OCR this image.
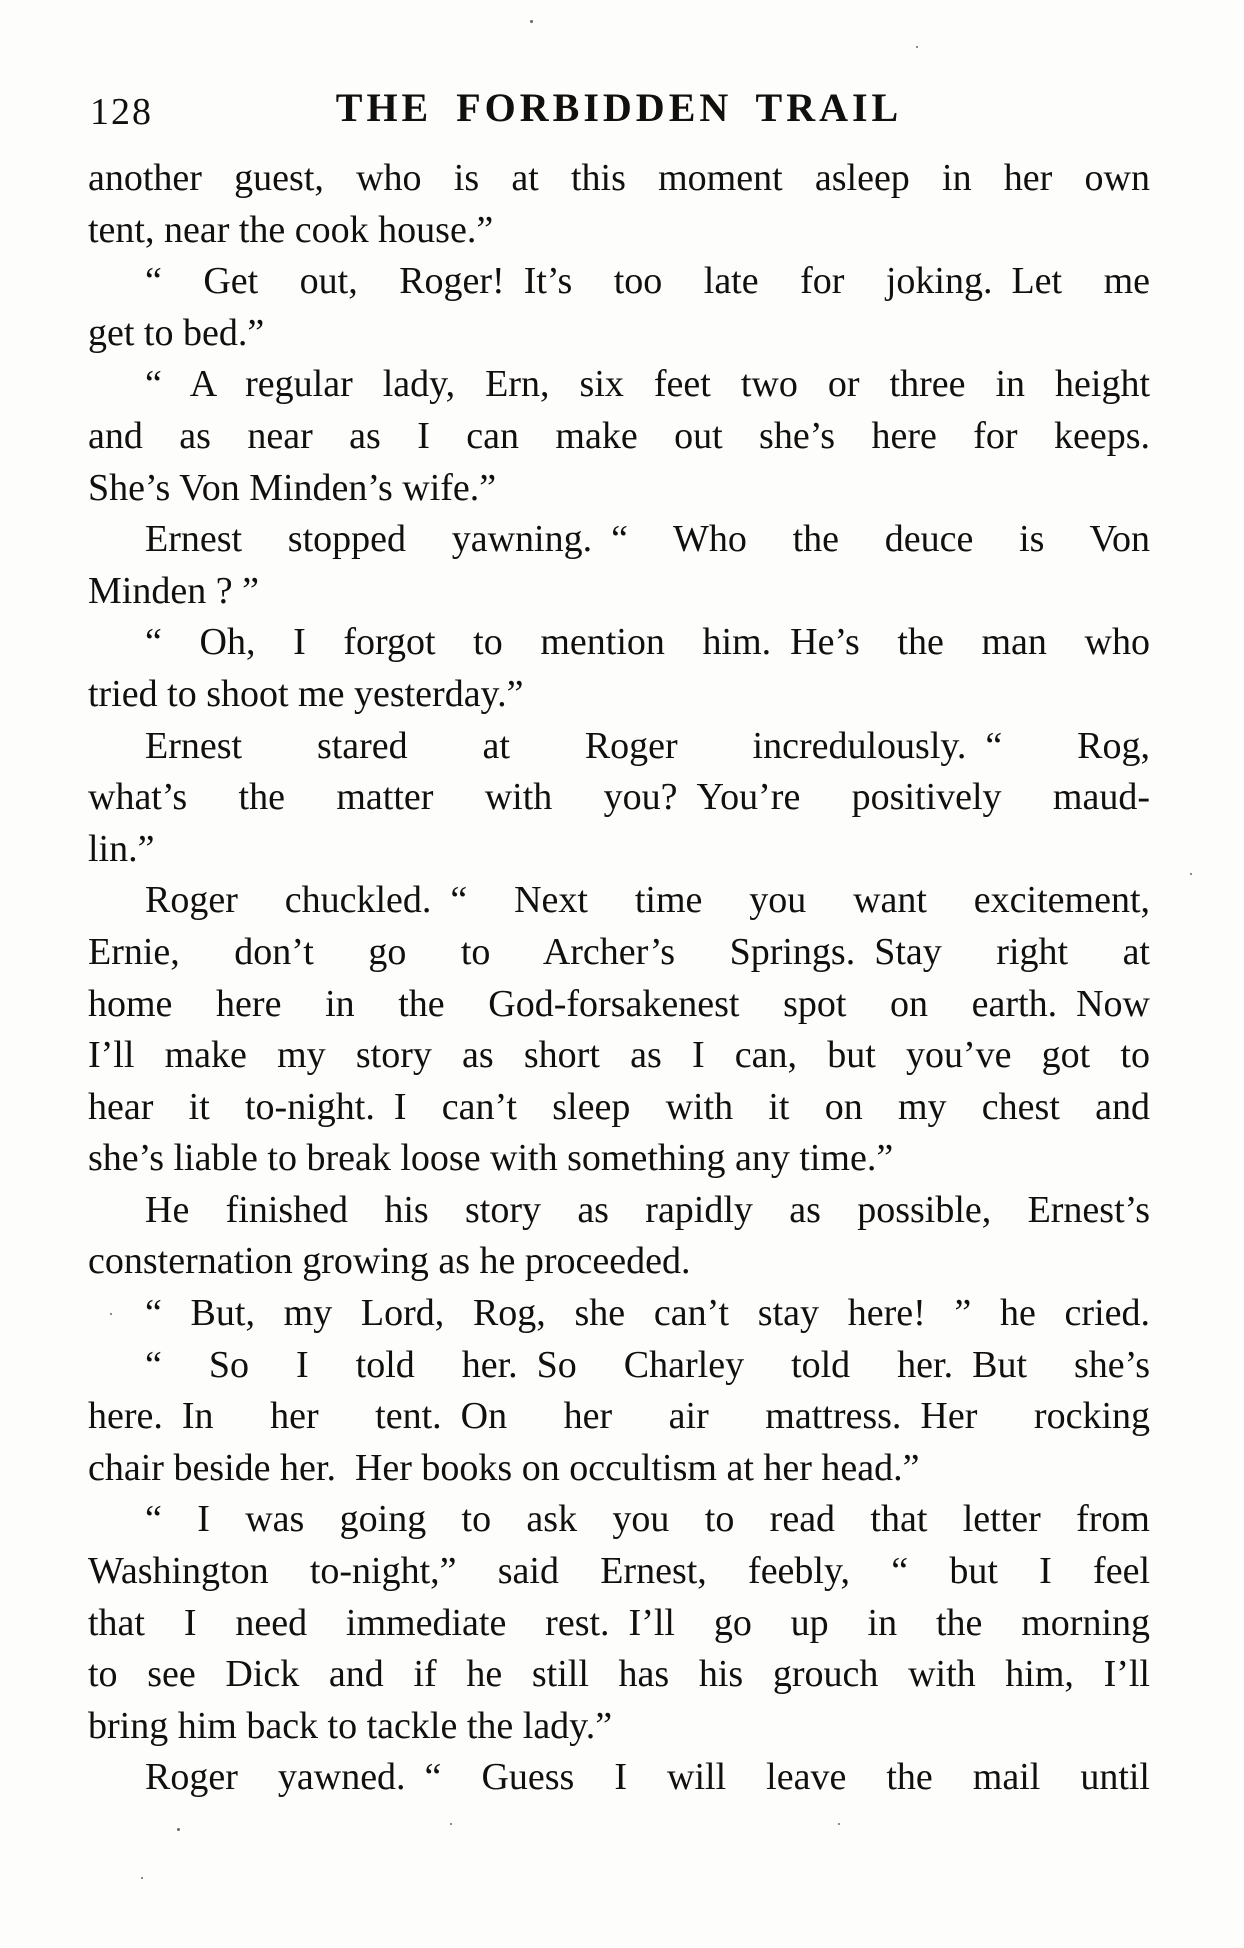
128	THE FORBIDDEN TRAIL
another guest, who is at this moment asleep in her own
tent, near the cook house.”
“ Get out, Roger! It’s too late for joking. Let me
get to bed.”
“ A regular lady, Ern, six feet two or three in height
and as near as I can make out she’s here for keeps.
She’s Von Minden’s wife.”
Ernest stopped yawning. “ Who the deuce is Von
Minden ? ”
“ Oh, I forgot to mention him. He’s the man who
tried to shoot me yesterday.”
Ernest stared at Roger incredulously. “ Rog,
what’s the matter with you? You’re positively maud-
lin.”
Roger chuckled. “ Next time you want excitement,
Ernie, don’t go to Archer’s Springs. Stay right at
home here in the God-forsakenest spot on earth. Now
I’ll make my story as short as I can, but you’ve got to
hear it to-night. I can’t sleep with it on my chest and
she’s liable to break loose with something any time.”
He finished his story as rapidly as possible, Ernest’s
consternation growing as he proceeded.
“ But, my Lord, Rog, she can’t stay here! ” he cried.
“ So I told her. So Charley told her. But she’s
here. In her tent. On her air mattress. Her rocking
chair beside her. Her books on occultism at her head.”
“ I was going to ask you to read that letter from
Washington to-night,” said Ernest, feebly, “ but I feel
that I need immediate rest. I’ll go up in the morning
to see Dick and if he still has his grouch with him, I’ll
bring him back to tackle the lady.”
Roger yawned. “ Guess I will leave the mail until
